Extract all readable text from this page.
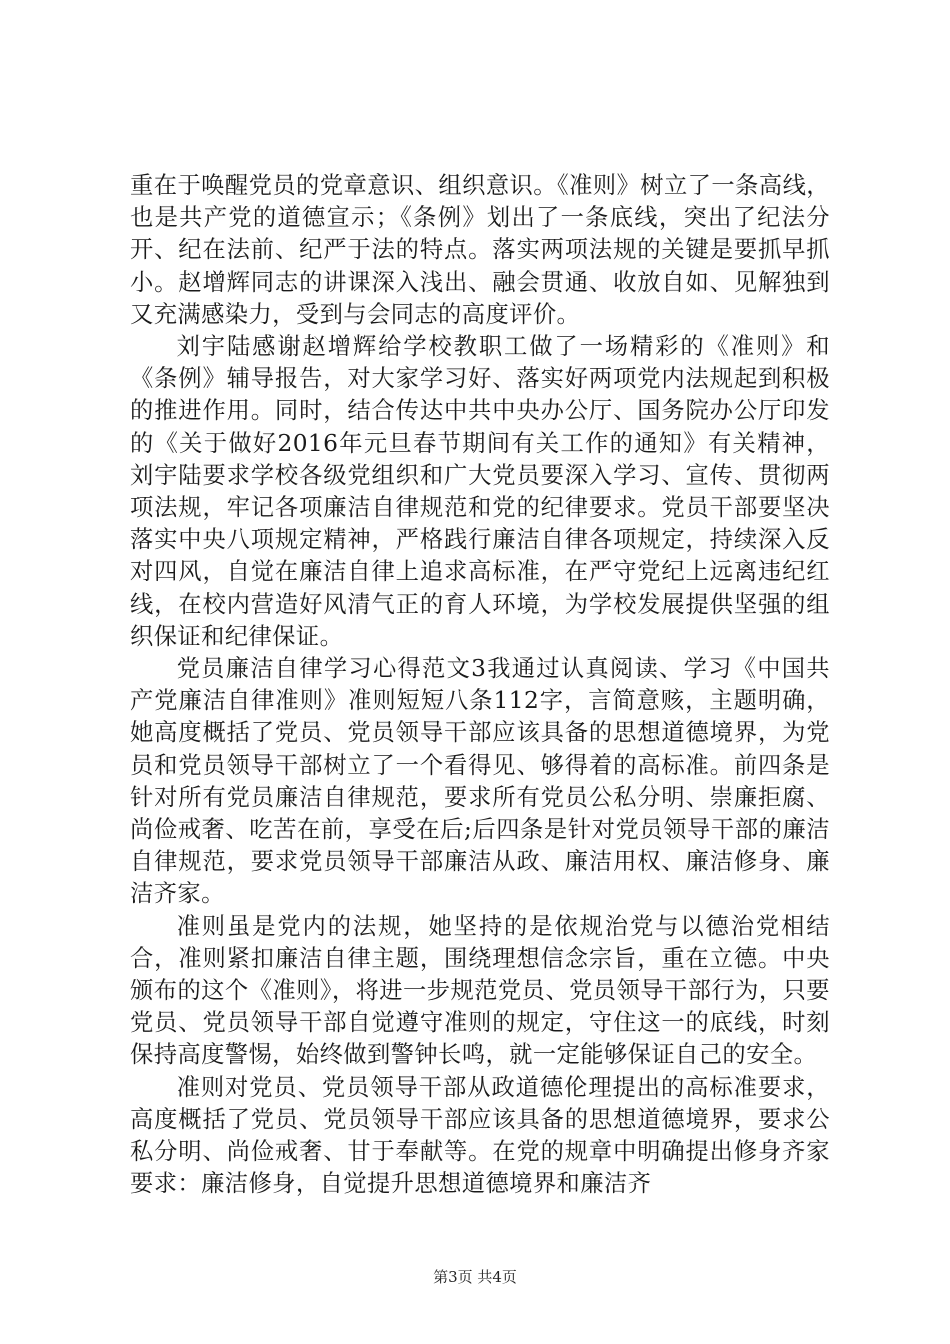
重在于唤醒党员的党章意识、组织意识。《准则》树立了一条高线，也是共产党的道德宣示；《条例》划出了一条底线，突出了纪法分开、纪在法前、纪严于法的特点。落实两项法规的关键是要抓早抓小。赵增辉同志的讲课深入浅出、融会贯通、收放自如、见解独到又充满感染力，受到与会同志的高度评价。

刘宇陆感谢赵增辉给学校教职工做了一场精彩的《准则》和《条例》辅导报告，对大家学习好、落实好两项党内法规起到积极的推进作用。同时，结合传达中共中央办公厅、国务院办公厅印发的《关于做好2016年元旦春节期间有关工作的通知》有关精神，刘宇陆要求学校各级党组织和广大党员要深入学习、宣传、贯彻两项法规，牢记各项廉洁自律规范和党的纪律要求。党员干部要坚决落实中央八项规定精神，严格践行廉洁自律各项规定，持续深入反对四风，自觉在廉洁自律上追求高标准，在严守党纪上远离违纪红线，在校内营造好风清气正的育人环境，为学校发展提供坚强的组织保证和纪律保证。

党员廉洁自律学习心得范文3我通过认真阅读、学习《中国共产党廉洁自律准则》准则短短八条112字，言简意赅，主题明确，她高度概括了党员、党员领导干部应该具备的思想道德境界，为党员和党员领导干部树立了一个看得见、够得着的高标准。前四条是针对所有党员廉洁自律规范，要求所有党员公私分明、崇廉拒腐、尚俭戒奢、吃苦在前，享受在后;后四条是针对党员领导干部的廉洁自律规范，要求党员领导干部廉洁从政、廉洁用权、廉洁修身、廉洁齐家。

准则虽是党内的法规，她坚持的是依规治党与以德治党相结合，准则紧扣廉洁自律主题，围绕理想信念宗旨，重在立德。中央颁布的这个《准则》，将进一步规范党员、党员领导干部行为，只要党员、党员领导干部自觉遵守准则的规定，守住这一的底线，时刻保持高度警惕，始终做到警钟长鸣，就一定能够保证自己的安全。

准则对党员、党员领导干部从政道德伦理提出的高标准要求，高度概括了党员、党员领导干部应该具备的思想道德境界，要求公私分明、尚俭戒奢、甘于奉献等。在党的规章中明确提出修身齐家要求：廉洁修身，自觉提升思想道德境界和廉洁齐

第3页 共4页
